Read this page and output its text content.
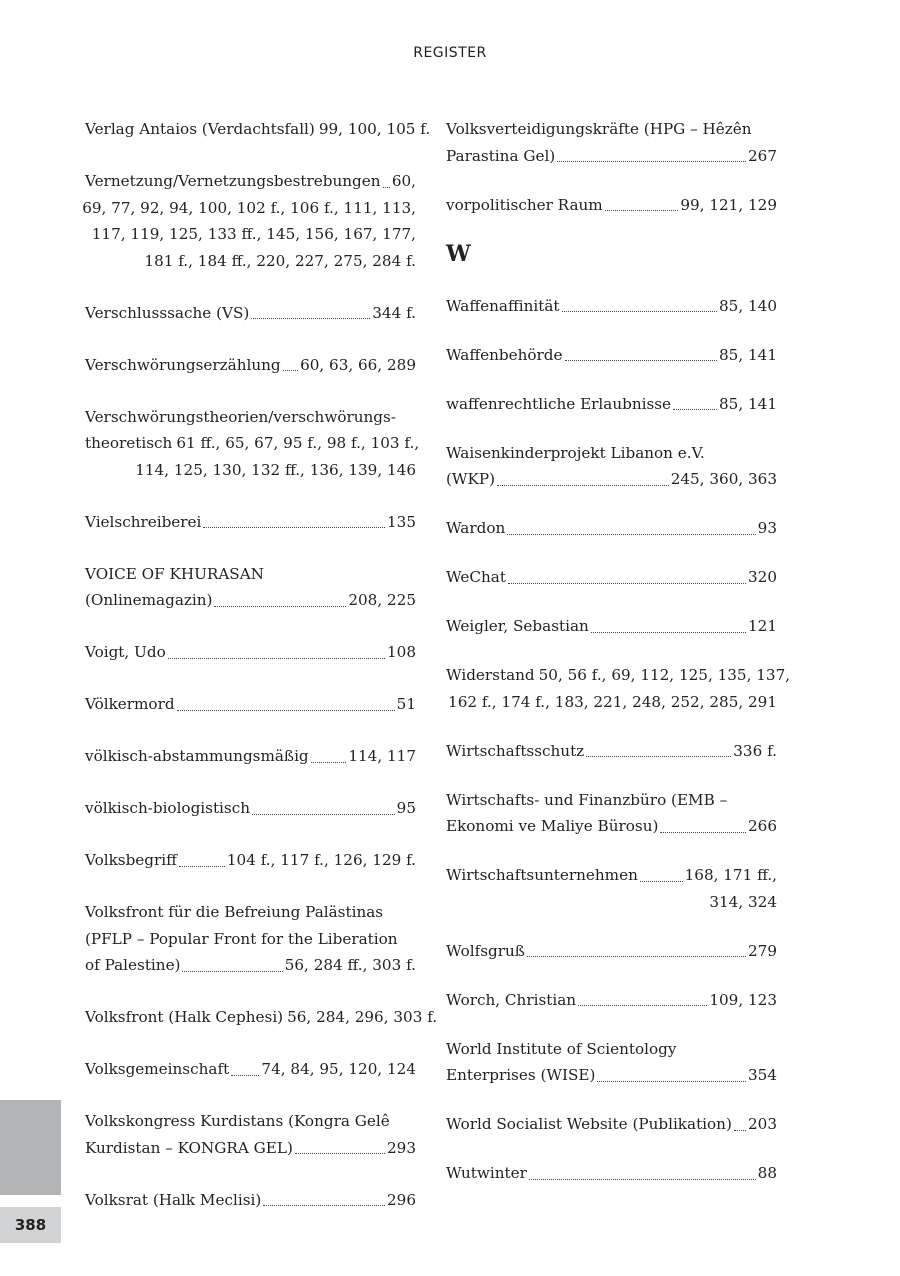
REGISTER
Verlag Antaios (Verdachtsfall) 99, 100, 105 f.
Vernetzung/Vernetzungsbestrebungen 60,
69, 77, 92, 94, 100, 102 f., 106 f., 111, 113,
117, 119, 125, 133 ff., 145, 156, 167, 177,
181 f., 184 ff., 220, 227, 275, 284 f.
Verschlusssache (VS)	344 f.
Verschwörungserzählung 60, 63, 66, 289
Verschwörungstheorien/verschwörungs-
theoretisch 61 ff., 65, 67, 95 f., 98 f., 103 f.,
114, 125, 130, 132 ff., 136, 139, 146
Vielschreiberei	135
VOICE OF KHURASAN
(Onlinemagazin)	208, 225
Voigt, Udo	108
Völkermord	51
völkisch-abstammungsmäßig	114, 117
völkisch-biologistisch	95
Volksbegriff	104 f., 117 f., 126, 129 f.
Volksfront für die Befreiung Palästinas
(PFLP – Popular Front for the Liberation
of Palestine)	56, 284 ff., 303 f.
Volksfront (Halk Cephesi) 56, 284, 296, 303 f.
Volksgemeinschaft 74, 84, 95, 120, 124
Volkskongress Kurdistans (Kongra Gelê
Kurdistan – KONGRA GEL)	293
Volksrat (Halk Meclisi)	296
Volksverteidigungskräfte (HPG – Hêzên
Parastina Gel)	267
vorpolitischer Raum	99, 121, 129
W
Waffenaffinität	85, 140
Waffenbehörde	85, 141
waffenrechtliche Erlaubnisse	85, 141
Waisenkinderprojekt Libanon e.V.
(WKP)	245, 360, 363
Wardon	93
WeChat	320
Weigler, Sebastian	121
Widerstand 50, 56 f., 69, 112, 125, 135, 137,
162 f., 174 f., 183, 221, 248, 252, 285, 291
Wirtschaftsschutz	336 f.
Wirtschafts- und Finanzbüro (EMB –
Ekonomi ve Maliye Bürosu)	266
Wirtschaftsunternehmen	168, 171 ff.,
314, 324
Wolfsgruß	279
Worch, Christian	109, 123
World Institute of Scientology
Enterprises (WISE)	354
World Socialist Website (Publikation) 203
Wutwinter	88
388
